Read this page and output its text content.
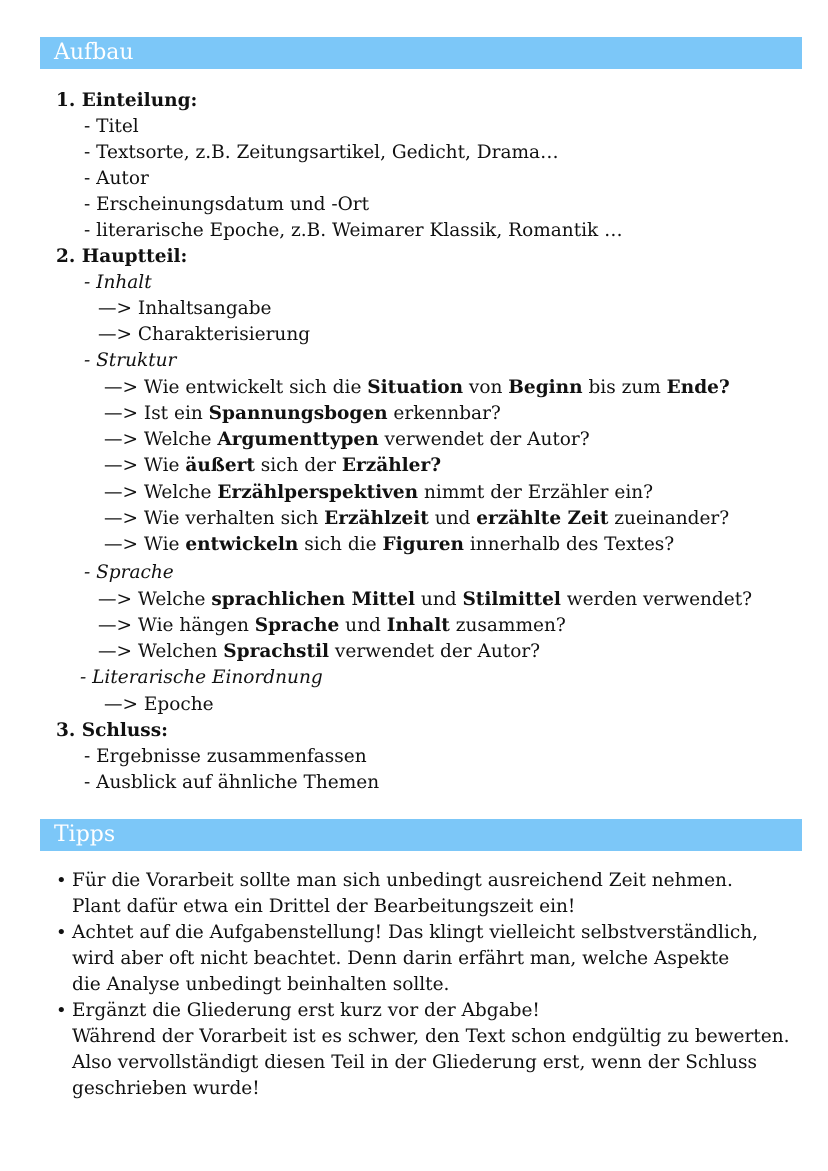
Aufbau
1. Einteilung:
- Titel
- Textsorte, z.B. Zeitungsartikel, Gedicht, Drama…
- Autor
- Erscheinungsdatum und -Ort
- literarische Epoche, z.B. Weimarer Klassik, Romantik …
2. Hauptteil:
- Inhalt
—> Inhaltsangabe
—> Charakterisierung
- Struktur
—> Wie entwickelt sich die Situation von Beginn bis zum Ende?
—> Ist ein Spannungsbogen erkennbar?
—> Welche Argumenttypen verwendet der Autor?
—> Wie äußert sich der Erzähler?
—> Welche Erzählperspektiven nimmt der Erzähler ein?
—> Wie verhalten sich Erzählzeit und erzählte Zeit zueinander?
—> Wie entwickeln sich die Figuren innerhalb des Textes?
- Sprache
—> Welche sprachlichen Mittel und Stilmittel werden verwendet?
—> Wie hängen Sprache und Inhalt zusammen?
—> Welchen Sprachstil verwendet der Autor?
- Literarische Einordnung
—> Epoche
3. Schluss:
- Ergebnisse zusammenfassen
- Ausblick auf ähnliche Themen
Tipps
• Für die Vorarbeit sollte man sich unbedingt ausreichend Zeit nehmen.
Plant dafür etwa ein Drittel der Bearbeitungszeit ein!
• Achtet auf die Aufgabenstellung! Das klingt vielleicht selbstverständlich,
wird aber oft nicht beachtet. Denn darin erfährt man, welche Aspekte
die Analyse unbedingt beinhalten sollte.
• Ergänzt die Gliederung erst kurz vor der Abgabe!
Während der Vorarbeit ist es schwer, den Text schon endgültig zu bewerten.
Also vervollständigt diesen Teil in der Gliederung erst, wenn der Schluss
geschrieben wurde!
